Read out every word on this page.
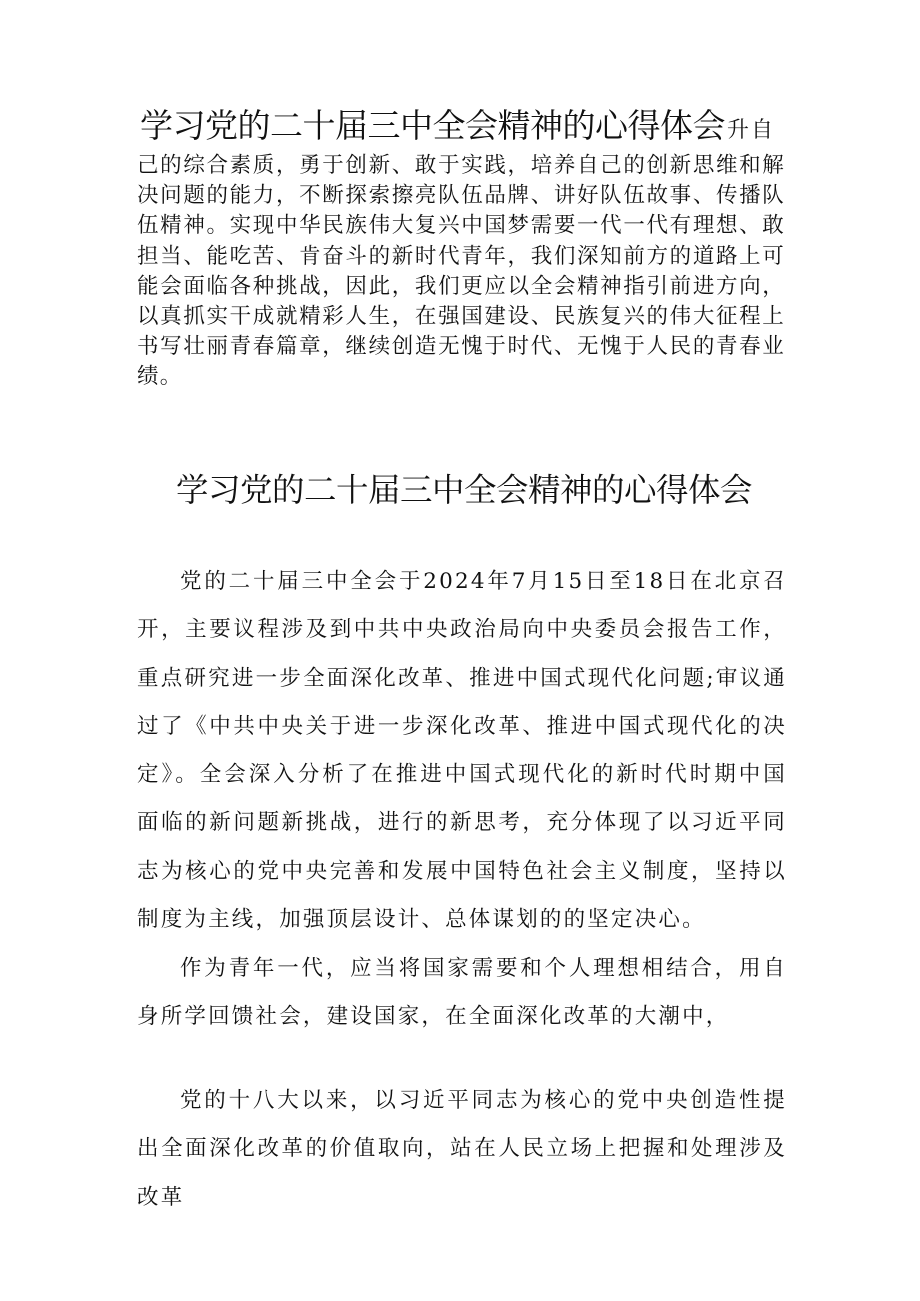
学习党的二十届三中全会精神的心得体会升自

己的综合素质，勇于创新、敢于实践，培养自己的创新思维和解决问题的能力，不断探索擦亮队伍品牌、讲好队伍故事、传播队伍精神。实现中华民族伟大复兴中国梦需要一代一代有理想、敢担当、能吃苦、肯奋斗的新时代青年，我们深知前方的道路上可能会面临各种挑战，因此，我们更应以全会精神指引前进方向，以真抓实干成就精彩人生，在强国建设、民族复兴的伟大征程上书写壮丽青春篇章，继续创造无愧于时代、无愧于人民的青春业绩。

学习党的二十届三中全会精神的心得体会

党的二十届三中全会于2024年7月15日至18日在北京召开，主要议程涉及到中共中央政治局向中央委员会报告工作，重点研究进一步全面深化改革、推进中国式现代化问题;审议通过了《中共中央关于进一步深化改革、推进中国式现代化的决定》。全会深入分析了在推进中国式现代化的新时代时期中国面临的新问题新挑战，进行的新思考，充分体现了以习近平同志为核心的党中央完善和发展中国特色社会主义制度，坚持以制度为主线，加强顶层设计、总体谋划的的坚定决心。

作为青年一代，应当将国家需要和个人理想相结合，用自身所学回馈社会，建设国家，在全面深化改革的大潮中，

党的十八大以来，以习近平同志为核心的党中央创造性提出全面深化改革的价值取向，站在人民立场上把握和处理涉及改革
